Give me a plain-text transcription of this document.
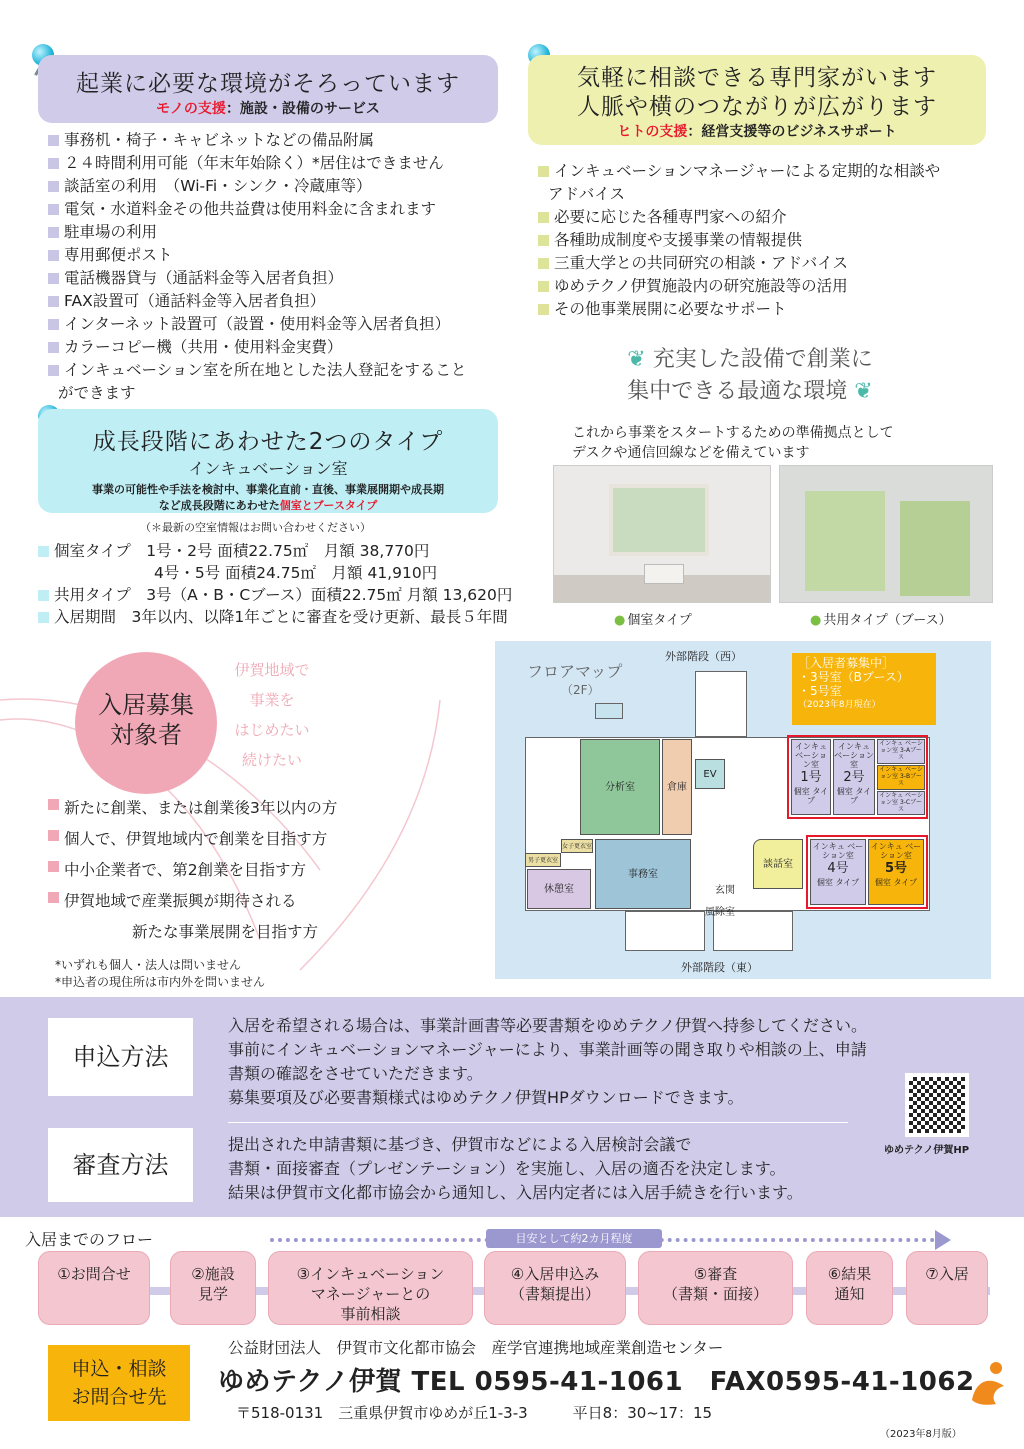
起業に必要な環境がそろっています
モノの支援：施設・設備のサービス
事務机・椅子・キャビネットなどの備品附属
２４時間利用可能（年末年始除く）*居住はできません
談話室の利用　（Wi-Fi・シンク・冷蔵庫等）
電気・水道料金その他共益費は使用料金に含まれます
駐車場の利用
専用郵便ポスト
電話機器貸与（通話料金等入居者負担）
FAX設置可（通話料金等入居者負担）
インターネット設置可（設置・使用料金等入居者負担）
カラーコピー機（共用・使用料金実費）
インキュベーション室を所在地とした法人登記をすること
ができます
気軽に相談できる専門家がいます
人脈や横のつながりが広がります
ヒトの支援：経営支援等のビジネスサポート
インキュベーションマネージャーによる定期的な相談や
アドバイス
必要に応じた各種専門家への紹介
各種助成制度や支援事業の情報提供
三重大学との共同研究の相談・アドバイス
ゆめテクノ伊賀施設内の研究施設等の活用
その他事業展開に必要なサポート
❦ 充実した設備で創業に
集中できる最適な環境 ❦
これから事業をスタートするための準備拠点として
デスクや通信回線などを備えています
● 個室タイプ
●	共用タイプ（ブース）
成長段階にあわせた2つのタイプ
インキュベーション室
事業の可能性や手法を検討中、事業化直前・直後、事業展開期や成長期
など成長段階にあわせた個室とブースタイプ
（＊最新の空室情報はお問い合わせください）
個室タイプ　1号・2号 面積22.75㎡　月額 38,770円
4号・5号 面積24.75㎡　月額 41,910円
共用タイプ　3号（A・B・Cブース）面積22.75㎡ 月額 13,620円
入居期間　3年以内、以降1年ごとに審査を受け更新、最長５年間
入居募集
対象者
伊賀地域で
事業を
はじめたい
続けたい
新たに創業、または創業後3年以内の方
個人で、伊賀地域内で創業を目指す方
中小企業者で、第2創業を目指す方
伊賀地域で産業振興が期待される
新たな事業展開を目指す方
*いずれも個人・法人は問いません
*申込者の現住所は市内外を問いません
フロアマップ
（2F）
外部階段（西）
外部階段（東）
［入居者募集中］
・3号室（Bブース）
・5号室
（2023年8月現在）
分析室	倉庫
EV
事務室
休憩室
女子更衣室
男子更衣室
玄関
風除室
談話室
インキュ ベーション室
1号
個室 タイプ
インキュ ベーション室
2号
個室 タイプ
インキュ ベーション室 3-Aブース
インキュ ベーション室 3-Bブース
インキュ ベーション室 3-Cブース
インキュ ベーション室
4号
個室 タイプ
インキュ ベーション室
5号
個室 タイプ
申込方法
審査方法
入居を希望される場合は、事業計画書等必要書類をゆめテクノ伊賀へ持参してください。
事前にインキュベーションマネージャーにより、事業計画等の聞き取りや相談の上、申請
書類の確認をさせていただきます。
募集要項及び必要書類様式はゆめテクノ伊賀HPダウンロードできます。
提出された申請書類に基づき、伊賀市などによる入居検討会議で
書類・面接審査（プレゼンテーション）を実施し、入居の適否を決定します。
結果は伊賀市文化都市協会から通知し、入居内定者には入居手続きを行います。
ゆめテクノ伊賀HP
入居までのフロー	目安として約2カ月程度
①お問合せ	②施設
見学
③インキュベーション
マネージャーとの
事前相談
④入居申込み
（書類提出）
⑤審査
（書類・面接）
⑥結果
通知
⑦入居
申込・相談
お問合せ先
公益財団法人　伊賀市文化都市協会　産学官連携地域産業創造センター
ゆめテクノ伊賀 TEL 0595-41-1061　FAX0595-41-1062
〒518-0131　三重県伊賀市ゆめが丘1-3-3　　　平日8：30~17：15
（2023年8月版）
